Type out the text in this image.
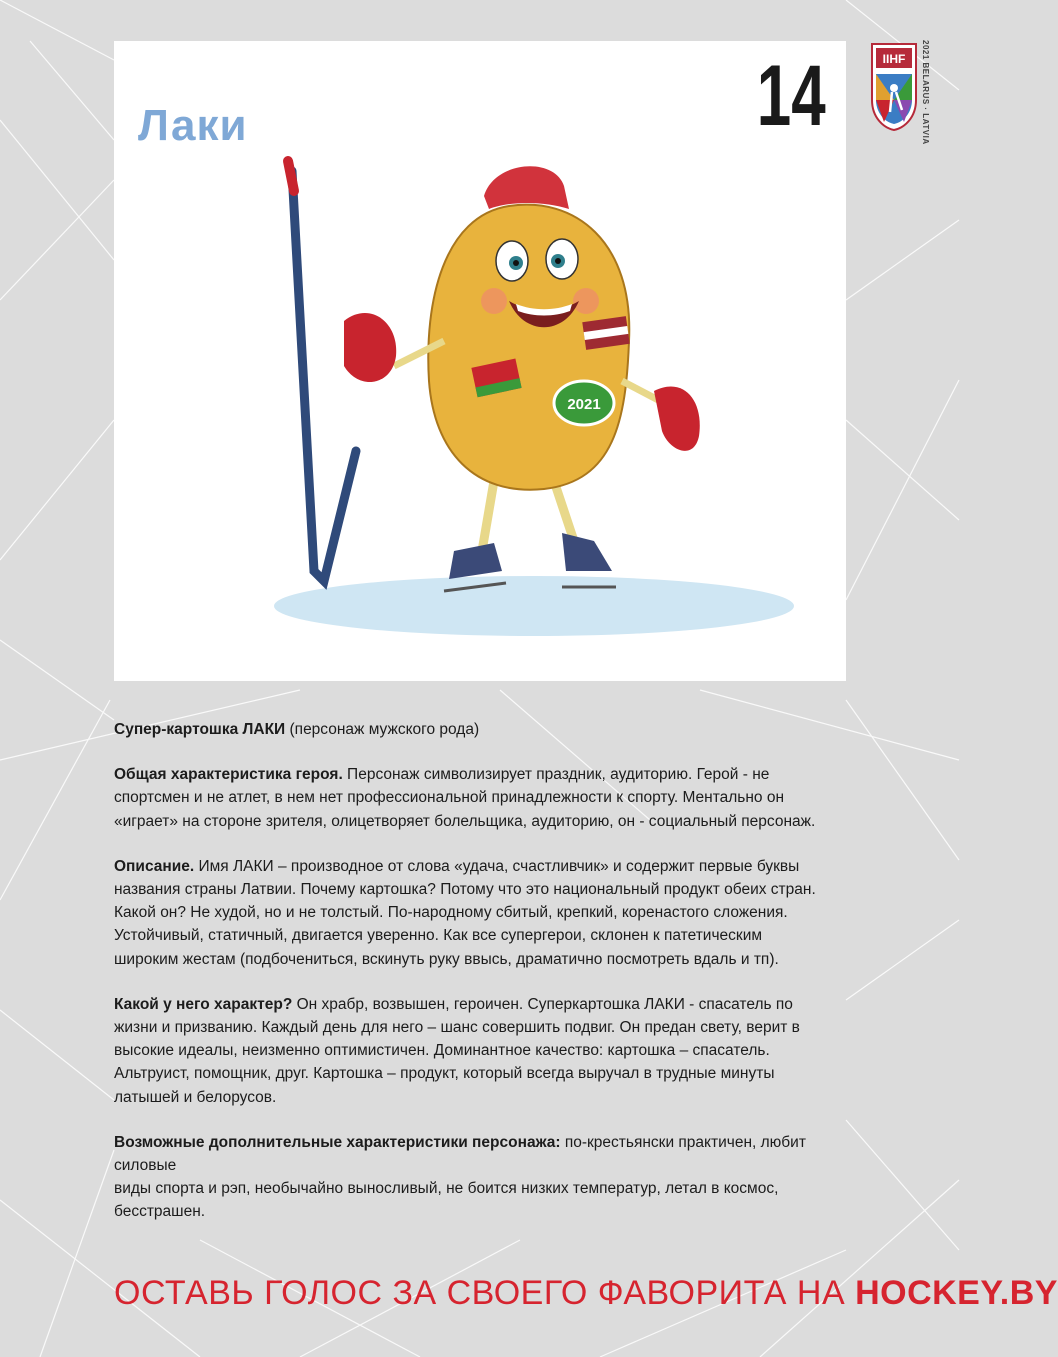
Лаки	14
2021
IIHF 2021 BELARUS · LATVIA

Супер-картошка ЛАКИ (персонаж мужского рода)

Общая характеристика героя. Персонаж символизирует праздник, аудиторию. Герой - не
спортсмен и не атлет, в нем нет профессиональной принадлежности к спорту. Ментально он
«играет» на стороне зрителя, олицетворяет болельщика, аудиторию, он - социальный персонаж.

Описание. Имя ЛАКИ – производное от слова «удача, счастливчик» и содержит первые буквы
названия страны Латвии. Почему картошка? Потому что это национальный продукт обеих стран.
Какой он? Не худой, но и не толстый. По-народному сбитый, крепкий, коренастого сложения.
Устойчивый, статичный, двигается уверенно. Как все супергерои, склонен к патетическим
широким жестам (подбочениться, вскинуть руку ввысь, драматично посмотреть вдаль и тп).

Какой у него характер? Он храбр, возвышен, героичен. Суперкартошка ЛАКИ - спасатель по
жизни и призванию. Каждый день для него – шанс совершить подвиг. Он предан свету, верит в
высокие идеалы, неизменно оптимистичен. Доминантное качество: картошка – спасатель.
Альтруист, помощник, друг. Картошка – продукт, который всегда выручал в трудные минуты
латышей и белорусов.

Возможные дополнительные характеристики персонажа: по-крестьянски практичен, любит
силовые
виды спорта и рэп, необычайно выносливый, не боится низких температур, летал в космос,
бесстрашен.

ОСТАВЬ ГОЛОС ЗА СВОЕГО ФАВОРИТА НА HOCKEY.BY
